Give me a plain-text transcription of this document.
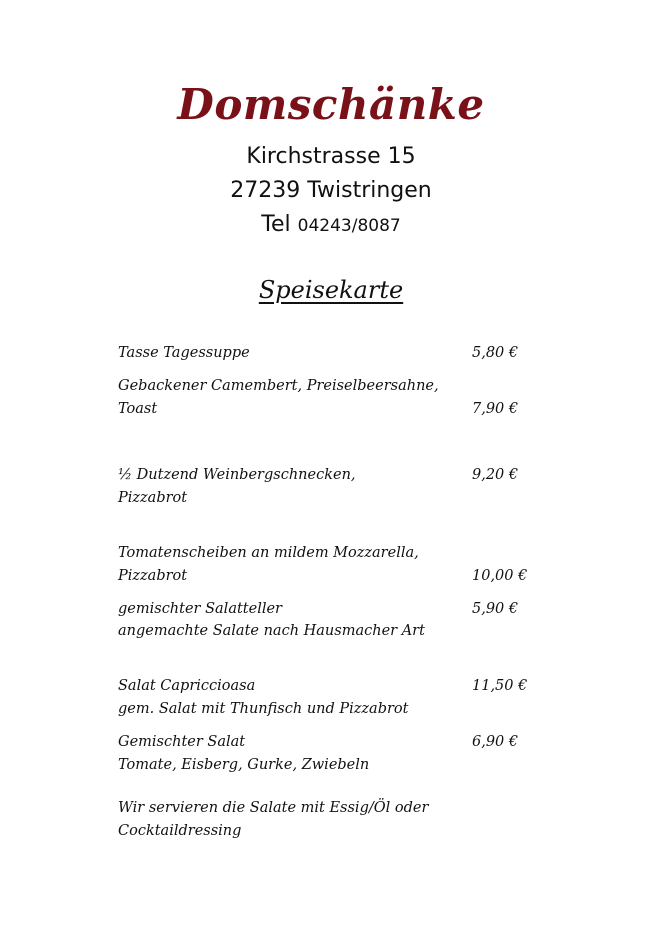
Domschänke
Kirchstrasse 15
27239 Twistringen
Tel 04243/8087
Speisekarte
Tasse Tagessuppe	5,80 €
Gebackener Camembert, Preiselbeersahne,
Toast	7,90 €
½ Dutzend Weinbergschnecken,	9,20 €
Pizzabrot
Tomatenscheiben an mildem Mozzarella,
Pizzabrot	10,00 €
gemischter Salatteller	5,90 €
angemachte Salate nach Hausmacher Art
Salat Capriccioasa	11,50 €
gem. Salat mit Thunfisch und Pizzabrot
Gemischter Salat	6,90 €
Tomate, Eisberg, Gurke, Zwiebeln
Wir servieren die Salate mit Essig/Öl oder
Cocktaildressing
